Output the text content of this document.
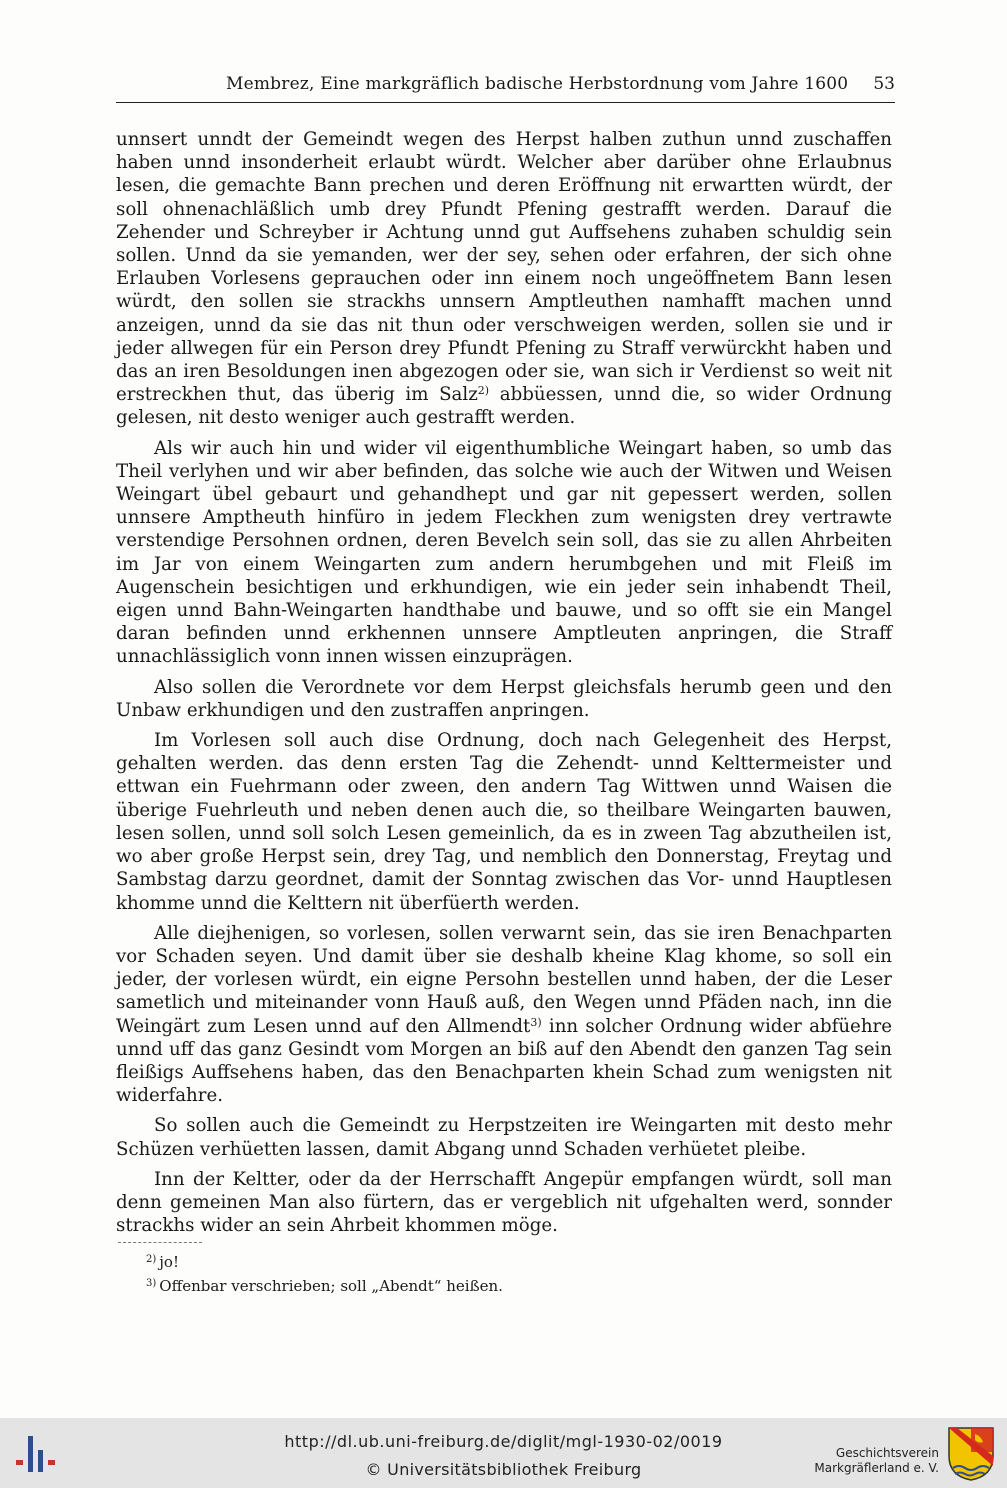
Membrez, Eine markgräflich badische Herbstordnung vom Jahre 1600 53

unnsert unndt der Gemeindt wegen des Herpst halben zuthun unnd zuschaffen haben unnd insonderheit erlaubt würdt. Welcher aber darüber ohne Erlaubnus lesen, die gemachte Bann prechen und deren Eröffnung nit erwartten würdt, der soll ohnenachläßlich umb drey Pfundt Pfening gestrafft werden. Darauf die Zehender und Schreyber ir Achtung unnd gut Auffsehens zuhaben schuldig sein sollen. Unnd da sie yemanden, wer der sey, sehen oder erfahren, der sich ohne Erlauben Vorlesens geprauchen oder inn einem noch ungeöffnetem Bann lesen würdt, den sollen sie strackhs unnsern Amptleuthen namhafft machen unnd anzeigen, unnd da sie das nit thun oder verschweigen werden, sollen sie und ir jeder allwegen für ein Person drey Pfundt Pfening zu Straff verwürckht haben und das an iren Besoldungen inen abgezogen oder sie, wan sich ir Verdienst so weit nit erstreckhen thut, das überig im Salz$^{2)}$ abbüessen, unnd die, so wider Ordnung gelesen, nit desto weniger auch gestrafft werden.

Als wir auch hin und wider vil eigenthumbliche Weingart haben, so umb das Theil verlyhen und wir aber befinden, das solche wie auch der Witwen und Weisen Weingart übel gebaurt und gehandhept und gar nit gepessert werden, sollen unnsere Amptheuth hinfüro in jedem Fleckhen zum wenigsten drey vertrawte verstendige Persohnen ordnen, deren Bevelch sein soll, das sie zu allen Ahrbeiten im Jar von einem Weingarten zum andern herumbgehen und mit Fleiß im Augenschein besichtigen und erkhundigen, wie ein jeder sein inhabendt Theil, eigen unnd Bahn-Weingarten handthabe und bauwe, und so offt sie ein Mangel daran befinden unnd erkhennen unnsere Amptleuten anpringen, die Straff unnachlässiglich vonn innen wissen einzuprägen.

Also sollen die Verordnete vor dem Herpst gleichsfals herumb geen und den Unbaw erkhundigen und den zustraffen anpringen.

Im Vorlesen soll auch dise Ordnung, doch nach Gelegenheit des Herpst, gehalten werden. das denn ersten Tag die Zehendt- unnd Kelttermeister und ettwan ein Fuehrmann oder zween, den andern Tag Wittwen unnd Waisen die überige Fuehrleuth und neben denen auch die, so theilbare Weingarten bauwen, lesen sollen, unnd soll solch Lesen gemeinlich, da es in zween Tag abzutheilen ist, wo aber große Herpst sein, drey Tag, und nemblich den Donnerstag, Freytag und Sambstag darzu geordnet, damit der Sonntag zwischen das Vor- unnd Hauptlesen khomme unnd die Kelttern nit überfüerth werden.

Alle diejhenigen, so vorlesen, sollen verwarnt sein, das sie iren Benachparten vor Schaden seyen. Und damit über sie deshalb kheine Klag khome, so soll ein jeder, der vorlesen würdt, ein eigne Persohn bestellen unnd haben, der die Leser sametlich und miteinander vonn Hauß auß, den Wegen unnd Pfäden nach, inn die Weingärt zum Lesen unnd auf den Allmendt$^{3)}$ inn solcher Ordnung wider abfüehre unnd uff das ganz Gesindt vom Morgen an biß auf den Abendt den ganzen Tag sein fleißigs Auffsehens haben, das den Benachparten khein Schad zum wenigsten nit widerfahre.

So sollen auch die Gemeindt zu Herpstzeiten ire Weingarten mit desto mehr Schüzen verhüetten lassen, damit Abgang unnd Schaden verhüetet pleibe.

Inn der Keltter, oder da der Herrschafft Angepür empfangen würdt, soll man denn gemeinen Man also fürtern, das er vergeblich nit ufgehalten werd, sonnder strackhs wider an sein Ahrbeit khommen möge.

$^{2)}$ jo!
$^{3)}$ Offenbar verschrieben; soll „Abendt“ heißen.
http://dl.ub.uni-freiburg.de/diglit/mgl-1930-02/0019
© Universitätsbibliothek Freiburg
Geschichtsverein
Markgräflerland e. V.
